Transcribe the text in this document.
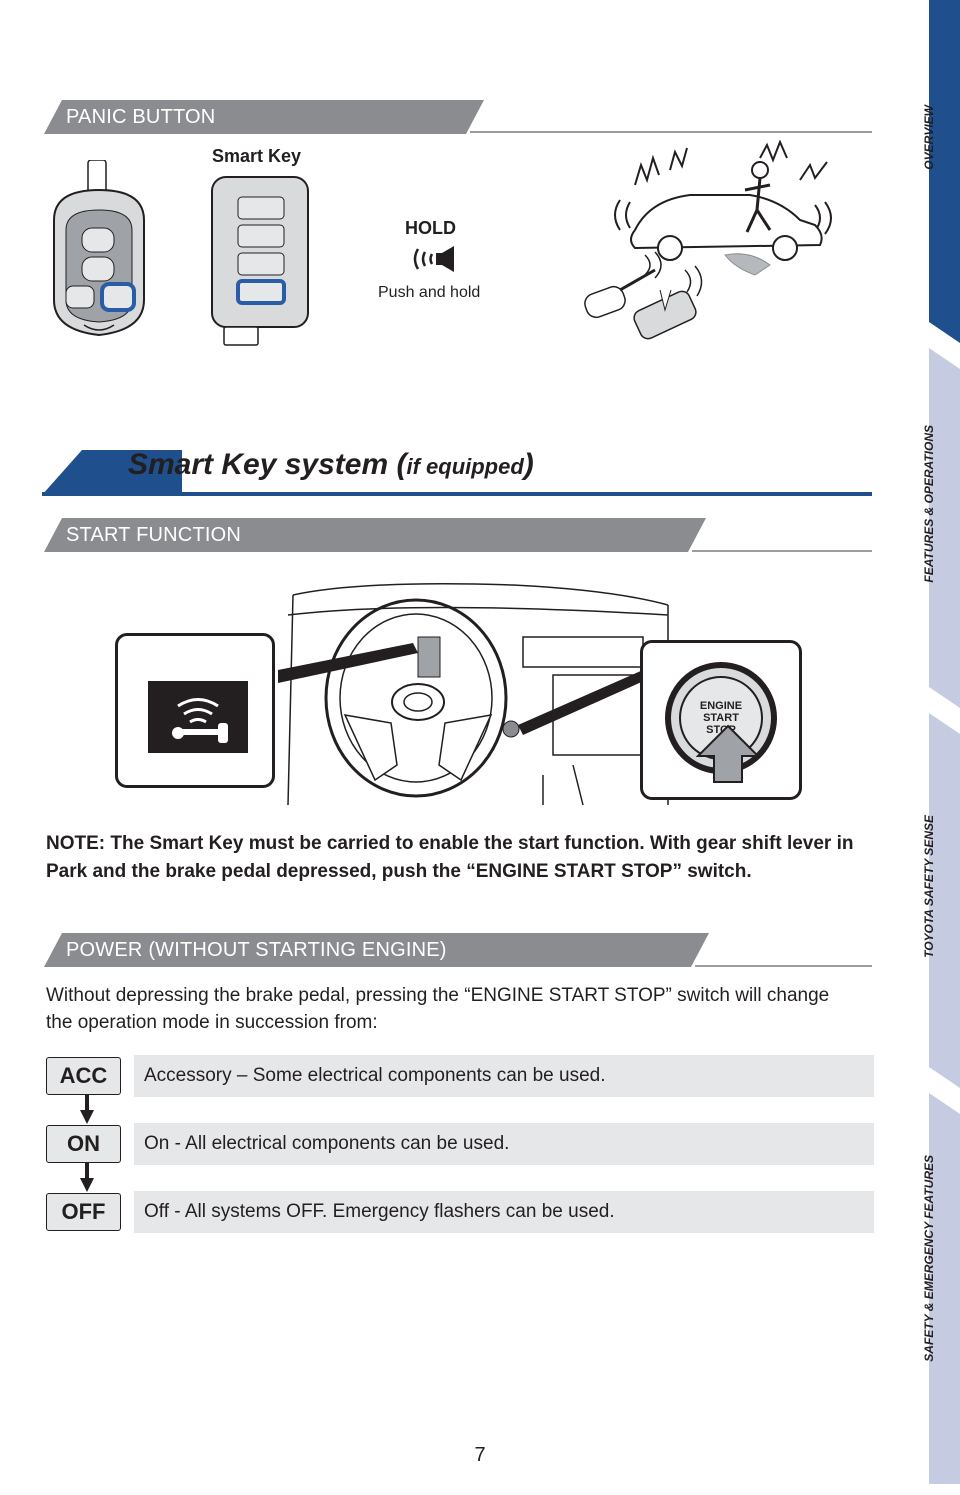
OVERVIEW
FEATURES & OPERATIONS
TOYOTA SAFETY SENSE
SAFETY & EMERGENCY FEATURES
PANIC BUTTON
Smart Key
HOLD
Push and hold
Smart Key system (if equipped)
START FUNCTION
ENGINE
START
STOP
NOTE: The Smart Key must be carried to enable the start function. With gear shift lever in Park and the brake pedal depressed, push the “ENGINE START STOP” switch.
POWER (WITHOUT STARTING ENGINE)
Without depressing the brake pedal, pressing the “ENGINE START STOP” switch will change the operation mode in succession from:
ACC	Accessory – Some electrical components can be used.
ON	On - All electrical components can be used.
OFF	Off - All systems OFF. Emergency flashers can be used.
7
